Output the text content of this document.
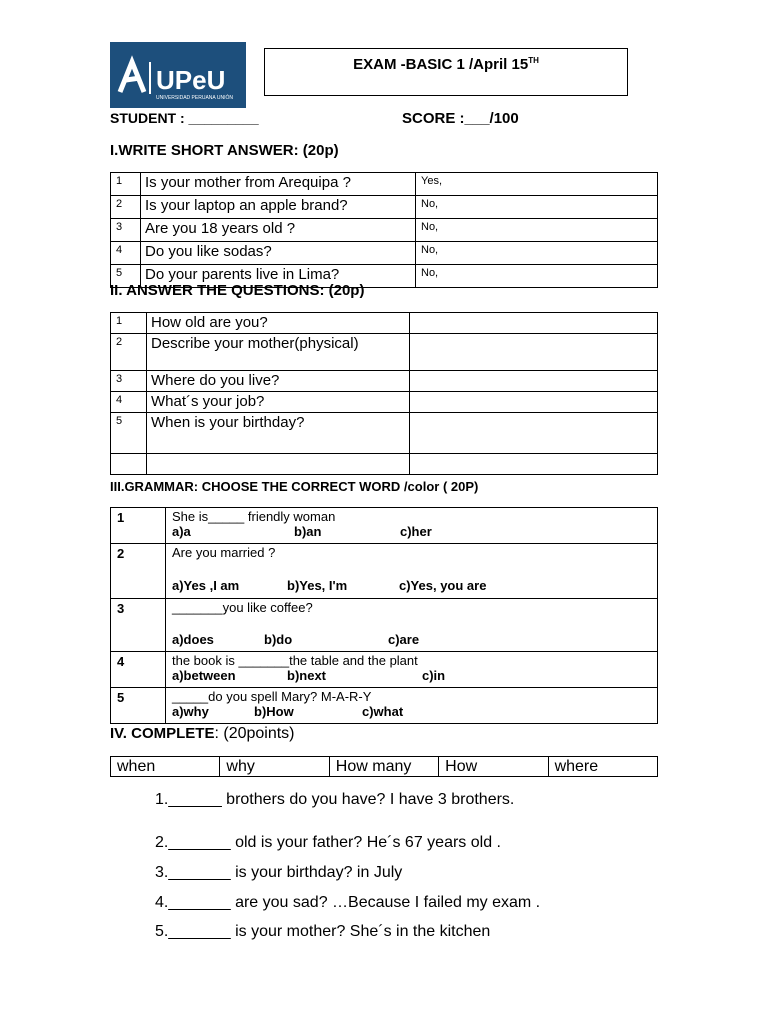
UPeU
UNIVERSIDAD PERUANA UNIÓN
EXAM -BASIC 1 /April 15TH
STUDENT : _________	SCORE :___/100
I.WRITE SHORT ANSWER: (20p)
1	Is your mother from Arequipa ?	Yes,
2	Is your laptop an apple brand?	No,
3	Are you 18 years old ?	No,
4	Do you like sodas?	No,
5	Do your parents live in Lima?	No,
II. ANSWER THE QUESTIONS: (20p)
1	How old are you?	
2	Describe your mother(physical)	
3	Where do you live?	
4	What´s your job?	
5	When is your birthday?	

III.GRAMMAR: CHOOSE THE CORRECT WORD /color ( 20P)
1	She is_____ friendly woman
a)a b)an c)her

2	Are you married ?
a)Yes ,I am b)Yes, I'm c)Yes, you are

3	_______you like coffee?
a)does b)do c)are

4	the book is _______the table and the plant
a)between b)next c)in

5	_____do you spell Mary? M-A-R-Y
a)why b)How c)what
IV. COMPLETE: (20points)
when	why	How many	How	where
1.______ brothers do you have? I have 3 brothers.
2._______ old is your father? He´s 67 years old .
3._______ is your birthday? in July
4._______ are you sad? …Because I failed my exam .
5._______ is your mother? She´s in the kitchen
